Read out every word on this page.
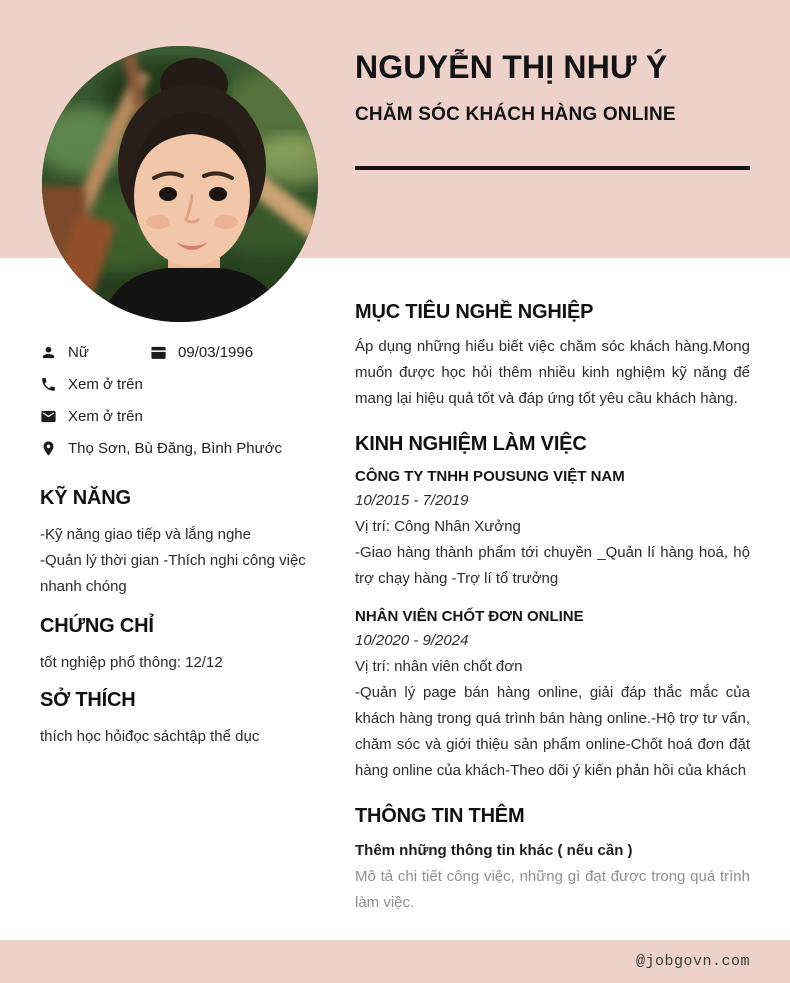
@jobgovn.com
NGUYỄN THỊ NHƯ Ý
CHĂM SÓC KHÁCH HÀNG ONLINE
Nữ	09/03/1996
Xem ở trên
Xem ở trên
Thọ Sơn, Bù Đăng, Bình Phước
KỸ NĂNG

-Kỹ năng giao tiếp và lắng nghe

-Quản lý thời gian -Thích nghi công việc nhanh chóng

CHỨNG CHỈ

tốt nghiệp phổ thông: 12/12

SỞ THÍCH

thích học hỏiđọc sáchtập thể dục

MỤC TIÊU NGHỀ NGHIỆP

Áp dụng những hiểu biết việc chăm sóc khách hàng.Mong muốn được học hỏi thêm nhiều kinh nghiệm kỹ năng để mang lại hiệu quả tốt và đáp ứng tốt yêu cầu khách hàng.

KINH NGHIỆM LÀM VIỆC
CÔNG TY TNHH POUSUNG VIỆT NAM
10/2015 - 7/2019
Vị trí: Công Nhân Xưởng

-Giao hàng thành phẩm tới chuyền _Quản lí hàng hoá, hộ trợ chạy hàng -Trợ lí tổ trưởng

NHÂN VIÊN CHỐT ĐƠN ONLINE
10/2020 - 9/2024
Vị trí: nhân viên chốt đơn

-Quản lý page bán hàng online, giải đáp thắc mắc của khách hàng trong quá trình bán hàng online.-Hộ trợ tư vấn, chăm sóc và giới thiệu sản phẩm online-Chốt hoá đơn đặt hàng online của khách-Theo dõi ý kiến phản hồi của khách

THÔNG TIN THÊM
Thêm những thông tin khác ( nếu cần )

Mô tả chi tiết công việc, những gì đạt được trong quá trình làm việc.
